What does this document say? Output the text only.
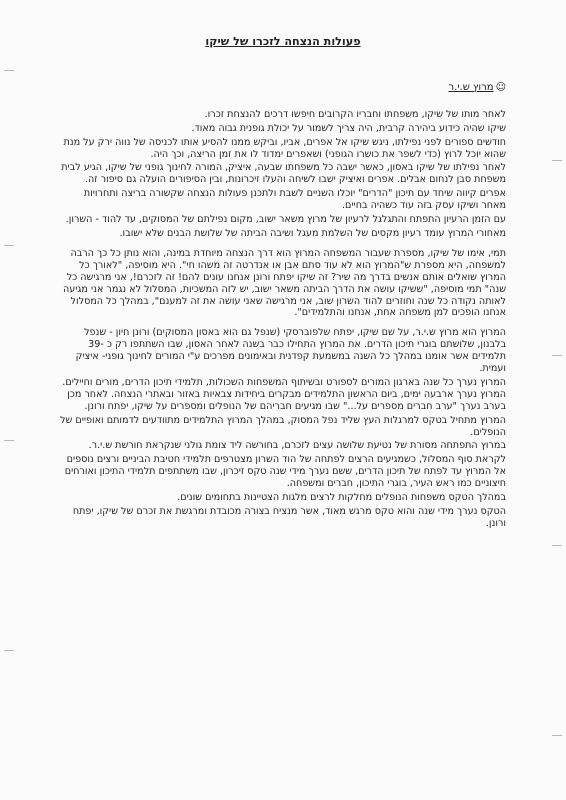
פעולות הנצחה לזכרו של שיקו
☺מרוץ ש.י.ר

לאחר מותו של שיקו, משפחתו וחבריו הקרובים חיפשו דרכים להנצחת זכרו.

שיקו שהיה כידוע ביהירה קרבית, היה צריך לשמור על יכולת גופנית גבוה מאוד.

חודשים ספורים לפני נפילתו, ניגש שיקו אל אפרים, אביו, וביקש ממנו להסיע אותו לכניסה של נווה ירק על מנת שהוא יוכל לרוץ (כדי לשפר את כושרו הגופני) ושאפרים ימדוד לו את זמן הריצה, וכך היה.

לאחר נפילתו של שיקו באסון, כאשר ישבה כל משפחתו שבעה, איציק, המורה לחינוך גופני של שיקו, הגיע לבית משפחת סבן לנחום אבלים. אפרים ואיציק ישבו לשיחה והעלו זיכרונות, ובין הסיפורים הועלה גם סיפור זה.

אפרים קיווה שיחד עם תיכון "הדרים" יוכלו השניים לשבת ולתכנן פעולות הנצחה שקשורה בריצה ותחרויות מאחר ושיקו עסק בזה עוד כשהיה בחיים.

עם הזמן הרעיון התפתח והתגלגל לרעיון של מרוץ משאר ישוב, מקום נפילתם של המסוקים, עד להוד - השרון.

מאחורי המרוץ עומד רעיון מקסים של השלמת מעגל ושיבה הביתה של שלושת הבנים שלא ישובו.

תמי, אימו של שיקו, מספרת שעבור המשפחה המרוץ הוא דרך הנצחה מיוחדת במינה, והוא נותן כל כך הרבה למשפחה, היא מספרת ש"המרוץ הוא לא עוד סתם אבן או אנדרטה זה משהו חי". היא מוסיפה, "לאורך כל המרוץ שואלים אותם אנשים בדרך מה שיר? זה שיקו יפתח ורונן אנחנו עונים להם! זה לזכרם!, אני מרגישה כל שנה" תמי מוסיפה, "ששיקו עושה את הדרך הביתה משאר ישוב, יש לזה המשכיות, המסלול לא נגמר אני מגיעה לאותה נקודה כל שנה וחוזרים להוד השרון שוב, אני מרגישה שאני עושה את זה למענם", במהלך כל המסלול אנחנו הופכים למן משפחה אחת, אנחנו והתלמידים".

המרוץ הוא מרוץ ש.י.ר, על שם שיקו, יפתח שלפוברסקי (שנפל גם הוא באסון המסוקים) ורונן חיון - שנפל בלבנון, שלושתם בוגרי תיכון הדרים. את המרוץ התחילו כבר בשנה לאחר האסון, שבו השתתפו רק כ -39 תלמידים אשר אומנו במהלך כל השנה במשמעת קפדנית ובאימונים מפרכים ע"י המורים לחינוך גופני- איציק ועמית.

המרוץ נערך כל שנה בארגון המורים לספורט ובשיתוף המשפחות השכולות, תלמידי תיכון הדרים, מורים וחיילים. המרוץ נערך ארבעה ימים, ביום הראשון התלמידים מבקרים ביחידות צבאיות באזור ובאתרי הנצחה. לאחר מכן בערב נערך "ערב חברים מספרים על..." שבו מגיעים חבריהם של הנופלים ומספרים על שיקו, יפתח ורונן.

המרוץ מתחיל בטקס למרגלות העץ שליד נפל המסוק, במהלך המרוץ התלמידים מתוודעים לדמותם ואופיים של הנופלים.

במרוץ התפתחה מסורת של נטיעת שלושה עצים לזכרם, בחורשה ליד צומת גולני שנקראת חורשת ש.י.ר.

לקראת סוף המסלול, כשמגיעים הרצים לפתחה של הוד השרון מצטרפים תלמידי חטיבת הביניים ורצים נוספים אל המרוץ עד לפתח של תיכון הדרים, ששם נערך מידי שנה טקס זיכרון, שבו משתתפים תלמידי התיכון ואורחים חיצוניים כמו ראש העיר, בוגרי התיכון, חברים ומשפחה.

במהלך הטקס משפחות הנופלים מחלקות לרצים מלגות הצטיינות בתחומים שונים.

הטקס נערך מידי שנה והוא טקס מרגש מאוד, אשר מנציח בצורה מכובדת ומרגשת את זכרם של שיקו, יפתח ורונן.
